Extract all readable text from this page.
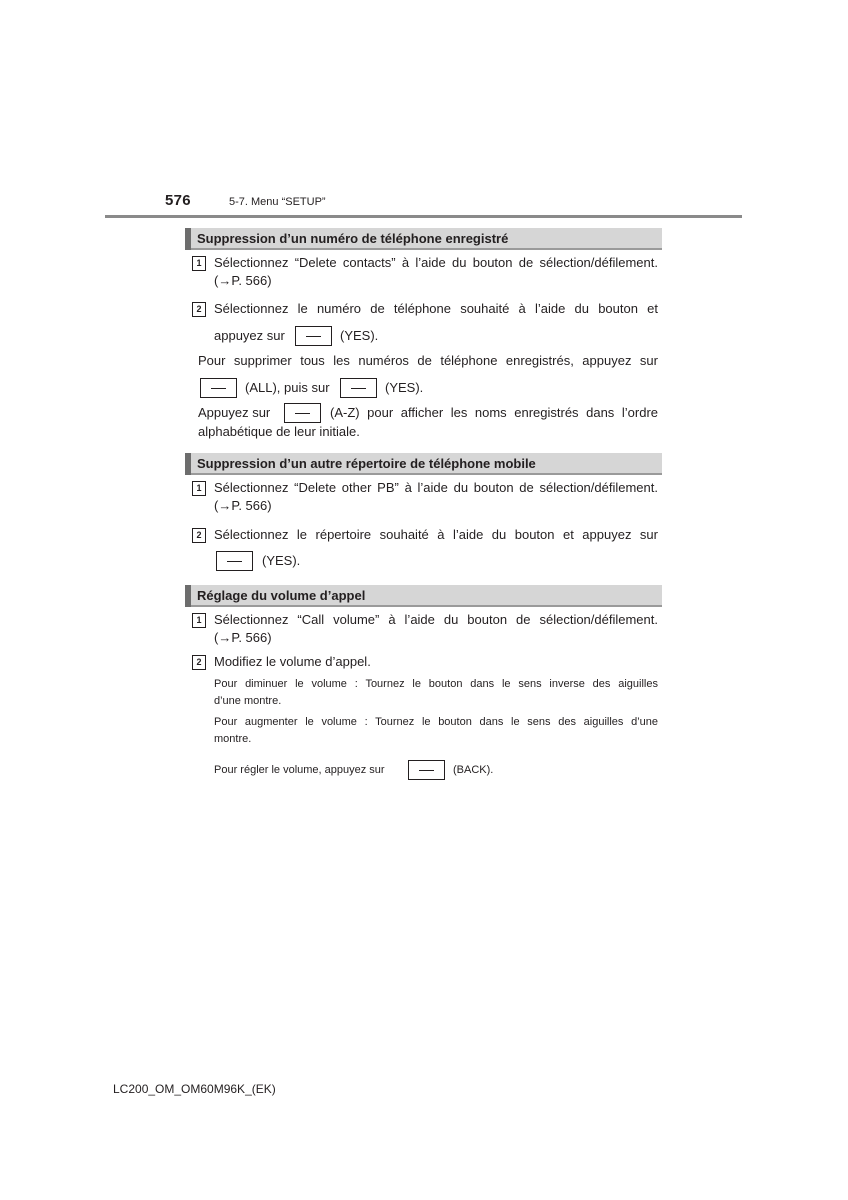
576	5-7. Menu “SETUP”
Suppression d’un numéro de téléphone enregistré
1 Sélectionnez “Delete contacts” à l’aide du bouton de sélection/défilement.
(→P. 566)
2 Sélectionnez le numéro de téléphone souhaité à l’aide du bouton et
appuyez sur	(YES).
Pour supprimer tous les numéros de téléphone enregistrés, appuyez sur
(ALL), puis sur	(YES).
Appuyez sur	(A-Z) pour afficher les noms enregistrés dans l’ordre
alphabétique de leur initiale.
Suppression d’un autre répertoire de téléphone mobile
1 Sélectionnez “Delete other PB” à l’aide du bouton de sélection/défilement.
(→P. 566)
2 Sélectionnez le répertoire souhaité à l’aide du bouton et appuyez sur
(YES).
Réglage du volume d’appel
1 Sélectionnez “Call volume” à l’aide du bouton de sélection/défilement.
(→P. 566)
2 Modifiez le volume d’appel.
Pour diminuer le volume : Tournez le bouton dans le sens inverse des aiguilles
d’une montre.
Pour augmenter le volume : Tournez le bouton dans le sens des aiguilles d’une
montre.
Pour régler le volume, appuyez sur	(BACK).
LC200_OM_OM60M96K_(EK)
